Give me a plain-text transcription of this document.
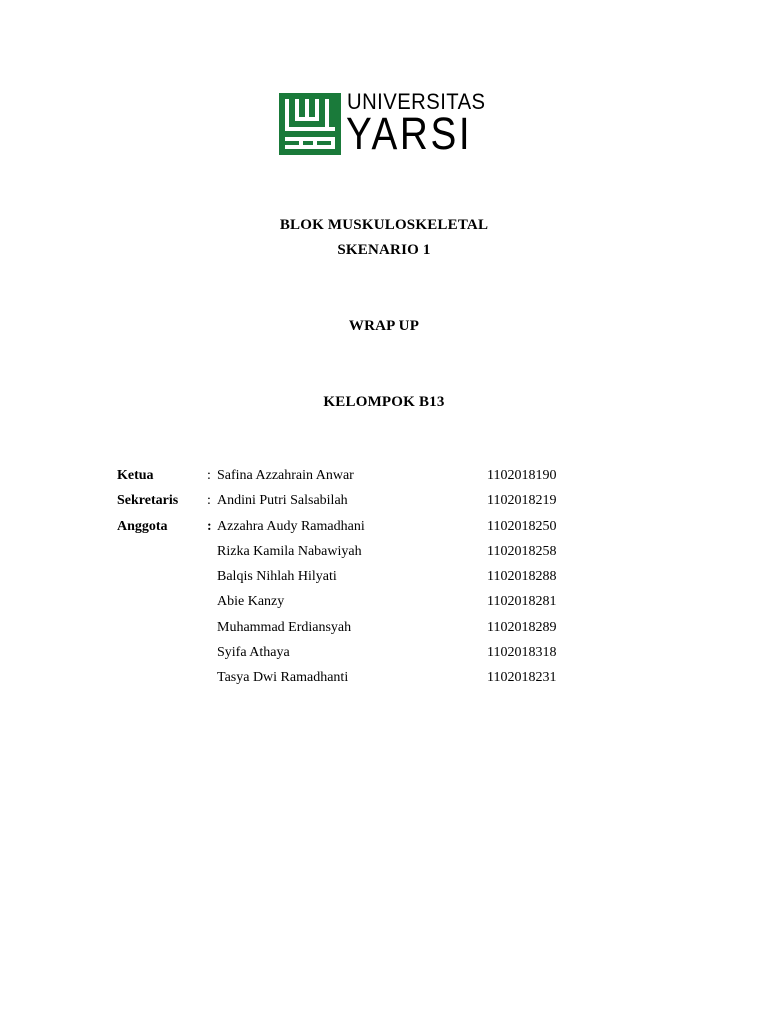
UNIVERSITAS
YARSI
BLOK MUSKULOSKELETAL
SKENARIO 1
WRAP UP
KELOMPOK B13
Ketua	: Safina Azzahrain Anwar	1102018190
Sekretaris : Andini Putri Salsabilah	1102018219
Anggota	: Azzahra Audy Ramadhani	1102018250
Rizka Kamila Nabawiyah	1102018258
Balqis Nihlah Hilyati	1102018288
Abie Kanzy	1102018281
Muhammad Erdiansyah	1102018289
Syifa Athaya	1102018318
Tasya Dwi Ramadhanti	1102018231
